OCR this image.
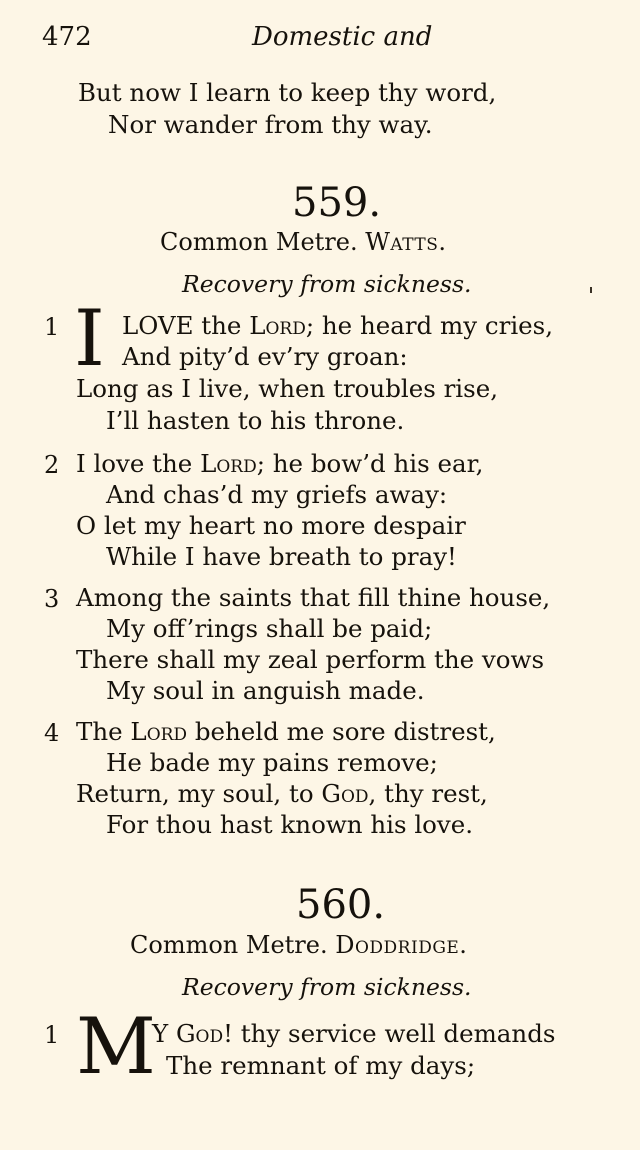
472	Domestic and
But now I learn to keep thy word,
Nor wander from thy way.
559.
Common Metre. Watts.
Recovery from sickness.
1 I LOVE the Lord; he heard my cries,
And pity’d ev’ry groan:
Long as I live, when troubles rise,
I’ll hasten to his throne.
2 I love the Lord; he bow’d his ear,
And chas’d my griefs away:
O let my heart no more despair
While I have breath to pray!
3 Among the saints that fill thine house,
My off’rings shall be paid;
There shall my zeal perform the vows
My soul in anguish made.
4 The Lord beheld me sore distrest,
He bade my pains remove;
Return, my soul, to God, thy rest,
For thou hast known his love.
560.
Common Metre. Doddridge.
Recovery from sickness.
1 M
Y God! thy service well demands
The remnant of my days;
